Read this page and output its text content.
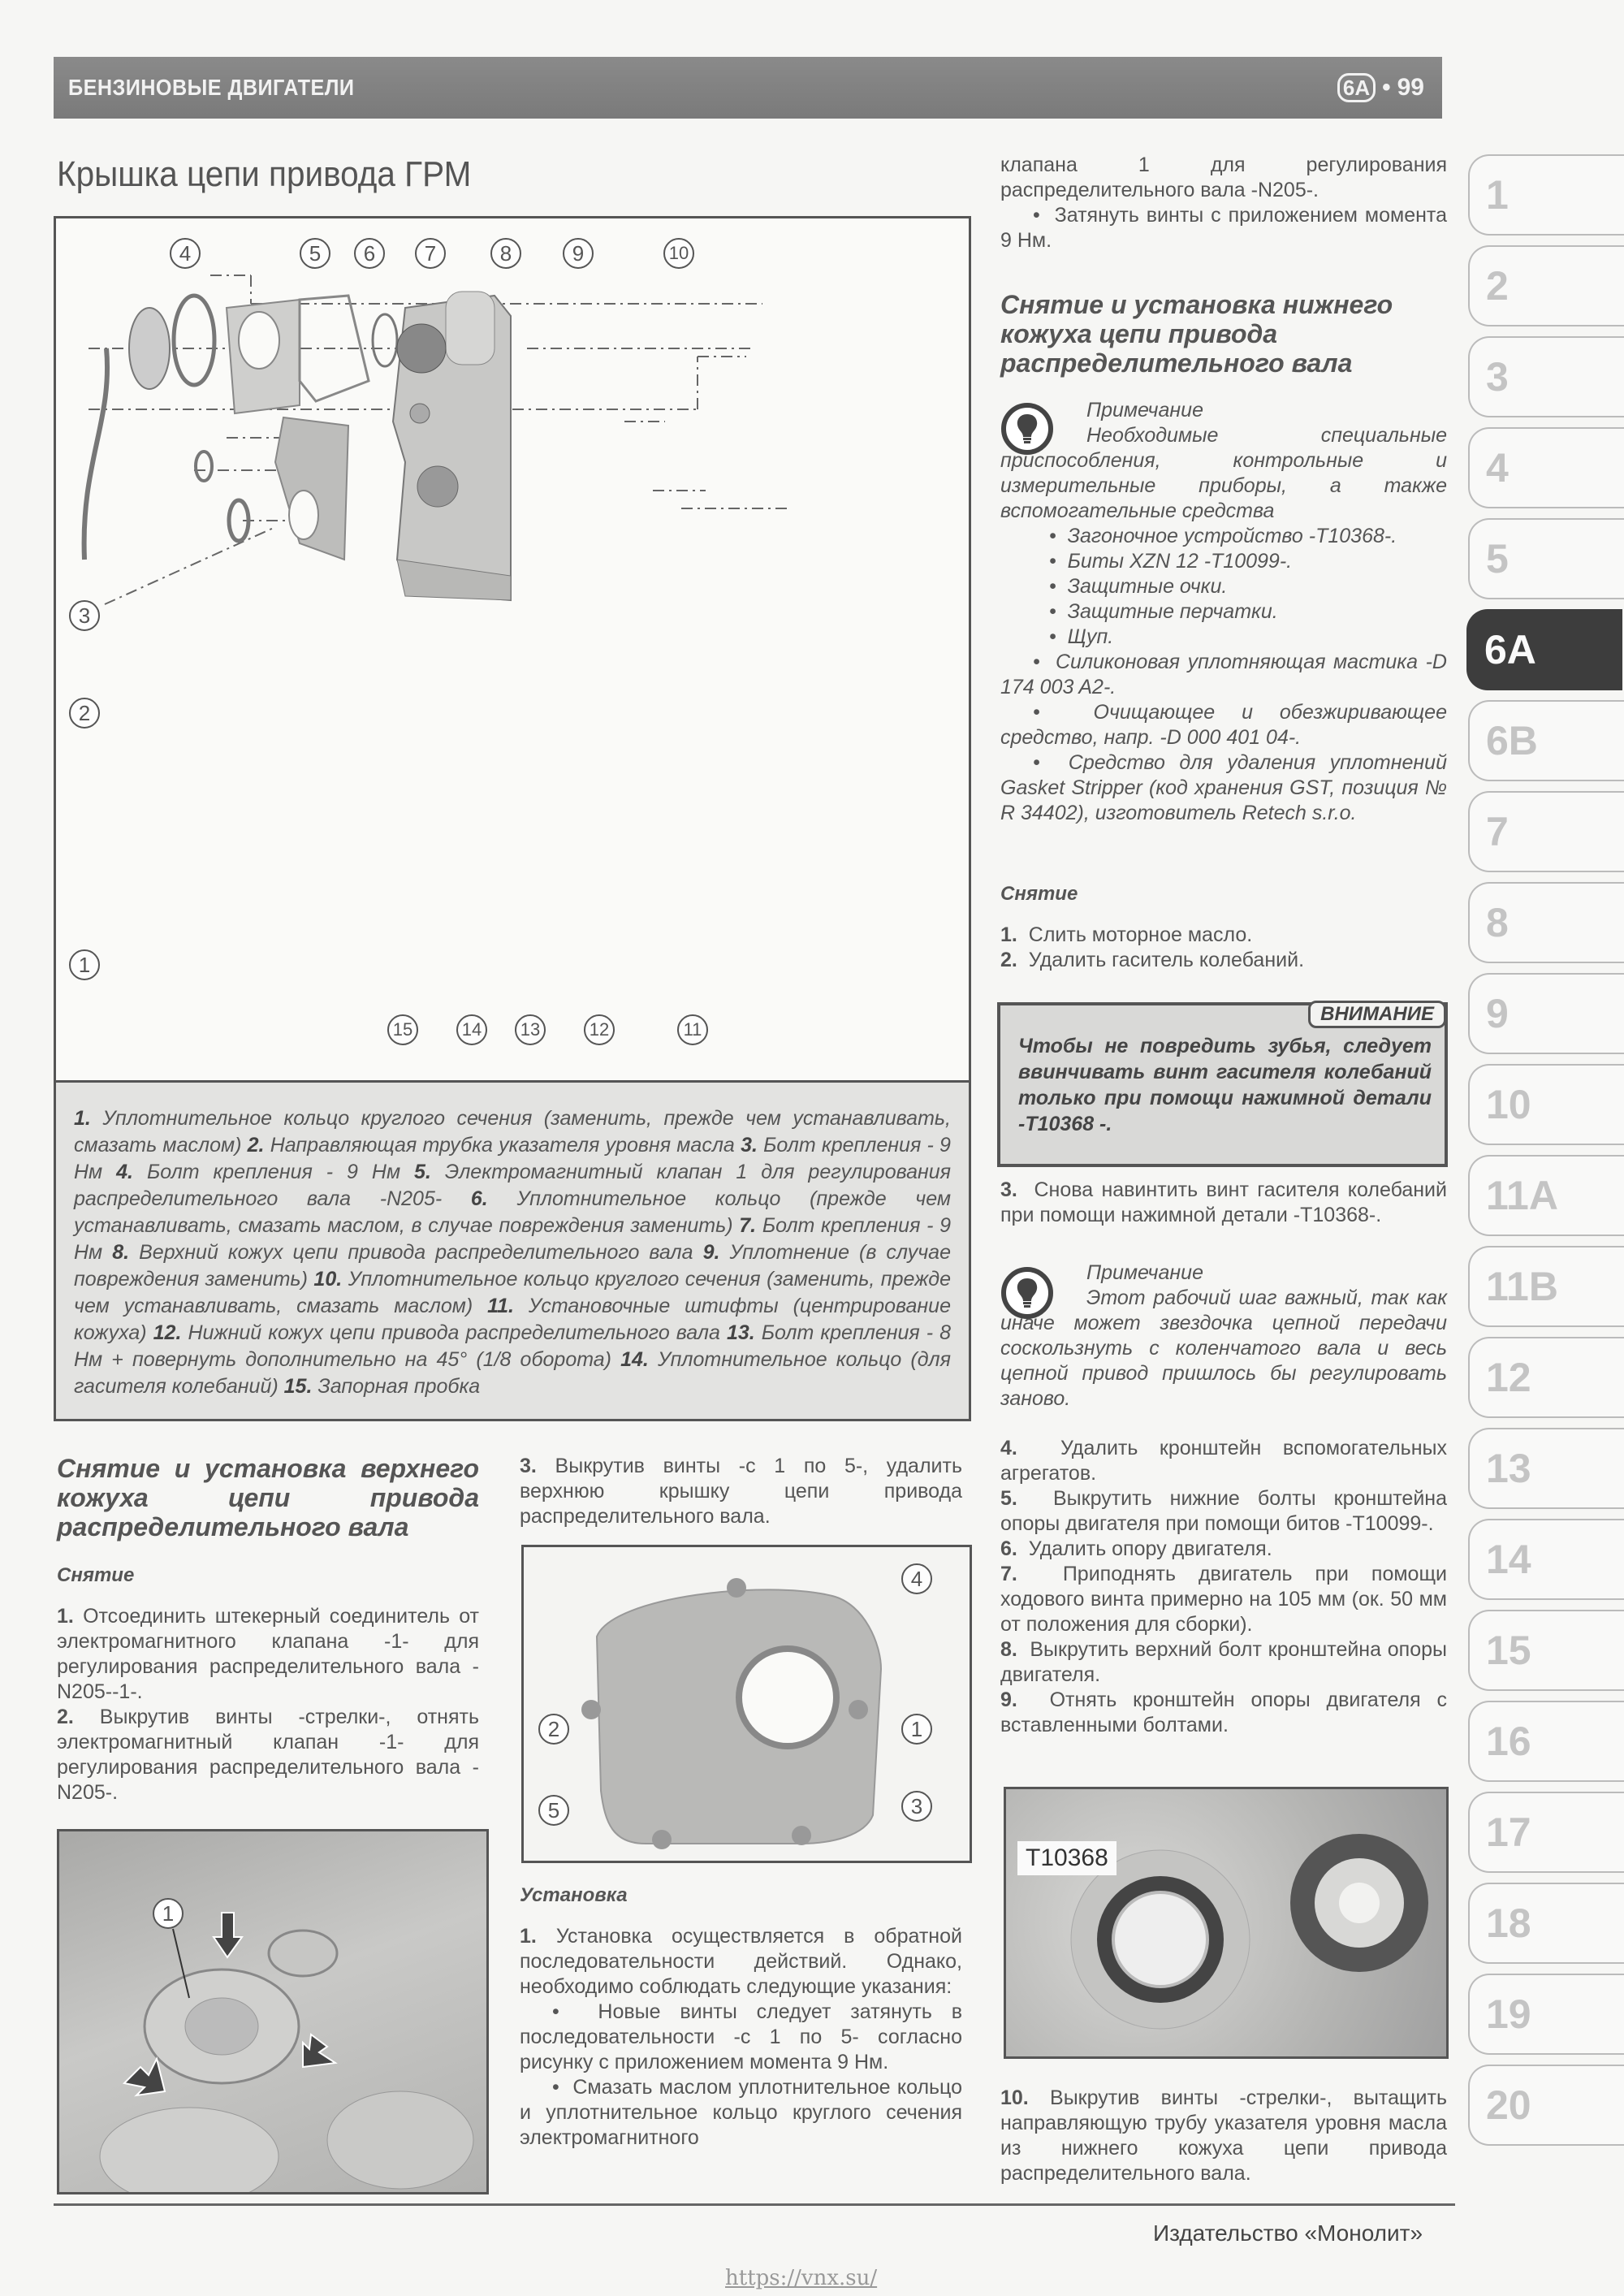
БЕНЗИНОВЫЕ ДВИГАТЕЛИ	6A • 99
Крышка цепи привода ГРМ
4	5	6	7	8	9	10
3
2
1
15	14	13	12	11
1. Уплотнительное кольцо круглого сечения (заменить, прежде чем устанавливать, смазать маслом) 2. Направляющая трубка указателя уровня масла 3. Болт крепления - 9 Нм 4. Болт крепления - 9 Нм 5. Электромагнитный клапан 1 для регулирования распределительного вала -N205- 6. Уплотнительное кольцо (прежде чем устанавливать, смазать маслом, в случае повреждения заменить) 7. Болт крепления - 9 Нм 8. Верхний кожух цепи привода распределительного вала 9. Уплотнение (в случае повреждения заменить) 10. Уплотнительное кольцо круглого сечения (заменить, прежде чем устанавливать, смазать маслом) 11. Установочные штифты (центрирование кожуха) 12. Нижний кожух цепи привода распределительного вала 13. Болт крепления - 8 Нм + повернуть дополнительно на 45° (1/8 оборота) 14. Уплотнительное кольцо (для гасителя колебаний) 15. Запорная пробка
Снятие и установка верхнего кожуха цепи привода распределительного вала
Снятие
1. Отсоединить штекерный соединитель от электромагнитного клапана -1- для регулирования распределительного вала -N205--1-.
2. Выкрутив винты -стрелки-, отнять электромагнитный клапан -1- для регулирования распределительного вала -N205-.
1
3. Выкрутив винты -с 1 по 5-, удалить верхнюю крышку цепи привода распределительного вала.
4
2	1
5	3
Установка
1. Установка осуществляется в обратной последовательности действий. Однако, необходимо соблюдать следующие указания:
•  Новые винты следует затянуть в последовательности -с 1 по 5- согласно рисунку с приложением момента 9 Нм.
•  Смазать маслом уплотнительное кольцо и уплотнительное кольцо круглого сечения электромагнитного
клапана 1 для регулирования распределительного вала -N205-.
•  Затянуть винты с приложением момента 9 Нм.
Снятие и установка нижнего кожуха цепи привода распределительного вала
Примечание
Необходимые специальные приспособления, контрольные и измерительные приборы, а также вспомогательные средства
•  Загоночное устройство -T10368-.
•  Биты XZN 12 -T10099-.
•  Защитные очки.
•  Защитные перчатки.
•  Щуп.
•  Силиконовая уплотняющая мастика -D 174 003 A2-.
•  Очищающее и обезжиривающее средство, напр. -D 000 401 04-.
•  Средство для удаления уплотнений Gasket Stripper (код хранения GST, позиция № R 34402), изготовитель Retech s.r.o.
Снятие
1. Слить моторное масло.
2. Удалить гаситель колебаний.
ВНИМАНИЕ
Чтобы не повредить зубья, следует ввинчивать винт гасителя колебаний только при помощи нажимной детали -T10368 -.
3. Снова навинтить винт гасителя колебаний при помощи нажимной детали -T10368-.
Примечание
Этот рабочий шаг важный, так как иначе может звездочка цепной передачи соскользнуть с коленчатого вала и весь цепной привод пришлось бы регулировать заново.
4. Удалить кронштейн вспомогательных агрегатов.
5. Выкрутить нижние болты кронштейна опоры двигателя при помощи битов -T10099-.
6. Удалить опору двигателя.
7. Приподнять двигатель при помощи ходового винта примерно на 105 мм (ок. 50 мм от положения для сборки).
8. Выкрутить верхний болт кронштейна опоры двигателя.
9. Отнять кронштейн опоры двигателя с вставленными болтами.
T10368
10. Выкрутив винты -стрелки-, вытащить направляющую трубу указателя уровня масла из нижнего кожуха цепи привода распределительного вала.
1
2
3
4
5
6A
6B
7
8
9
10
11A
11B
12
13
14
15
16
17
18
19
20
Издательство «Монолит»
https://vnx.su/
